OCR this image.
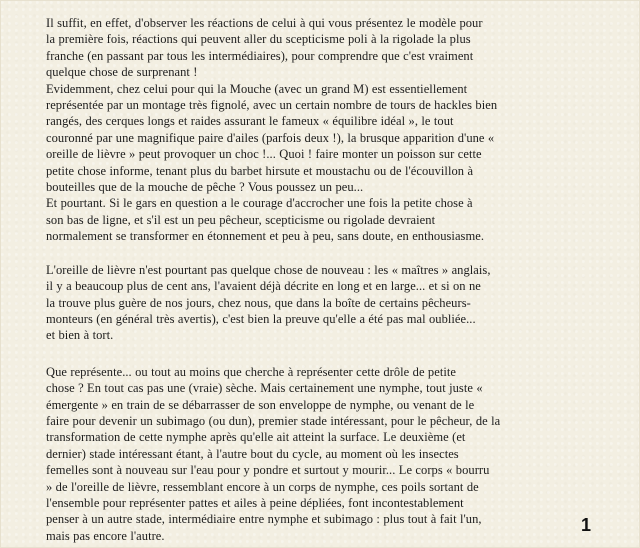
Il suffit, en effet, d'observer les réactions de celui à qui vous présentez le modèle pour
la première fois, réactions qui peuvent aller du scepticisme poli à la rigolade la plus
franche (en passant par tous les intermédiaires), pour comprendre que c'est vraiment
quelque chose de surprenant !
Evidemment, chez celui pour qui la Mouche (avec un grand M) est essentiellement
représentée par un montage très fignolé, avec un certain nombre de tours de hackles bien
rangés, des cerques longs et raides assurant le fameux « équilibre idéal », le tout
couronné par une magnifique paire d'ailes (parfois deux !), la brusque apparition d'une «
oreille de lièvre » peut provoquer un choc !... Quoi ! faire monter un poisson sur cette
petite chose informe, tenant plus du barbet hirsute et moustachu ou de l'écouvillon à
bouteilles que de la mouche de pêche ? Vous poussez un peu...
Et pourtant. Si le gars en question a le courage d'accrocher une fois la petite chose à
son bas de ligne, et s'il est un peu pêcheur, scepticisme ou rigolade devraient
normalement se transformer en étonnement et peu à peu, sans doute, en enthousiasme.

L'oreille de lièvre n'est pourtant pas quelque chose de nouveau : les « maîtres » anglais,
il y a beaucoup plus de cent ans, l'avaient déjà décrite en long et en large... et si on ne
la trouve plus guère de nos jours, chez nous, que dans la boîte de certains pêcheurs-
monteurs (en général très avertis), c'est bien la preuve qu'elle a été pas mal oubliée...
et bien à tort.

Que représente... ou tout au moins que cherche à représenter cette drôle de petite
chose ? En tout cas pas une (vraie) sèche. Mais certainement une nymphe, tout juste «
émergente » en train de se débarrasser de son enveloppe de nymphe, ou venant de le
faire pour devenir un subimago (ou dun), premier stade intéressant, pour le pêcheur, de la
transformation de cette nymphe après qu'elle ait atteint la surface. Le deuxième (et
dernier) stade intéressant étant, à l'autre bout du cycle, au moment où les insectes
femelles sont à nouveau sur l'eau pour y pondre et surtout y mourir... Le corps « bourru
» de l'oreille de lièvre, ressemblant encore à un corps de nymphe, ces poils sortant de
l'ensemble pour représenter pattes et ailes à peine dépliées, font incontestablement
penser à un autre stade, intermédiaire entre nymphe et subimago : plus tout à fait l'un,
mais pas encore l'autre.

1
